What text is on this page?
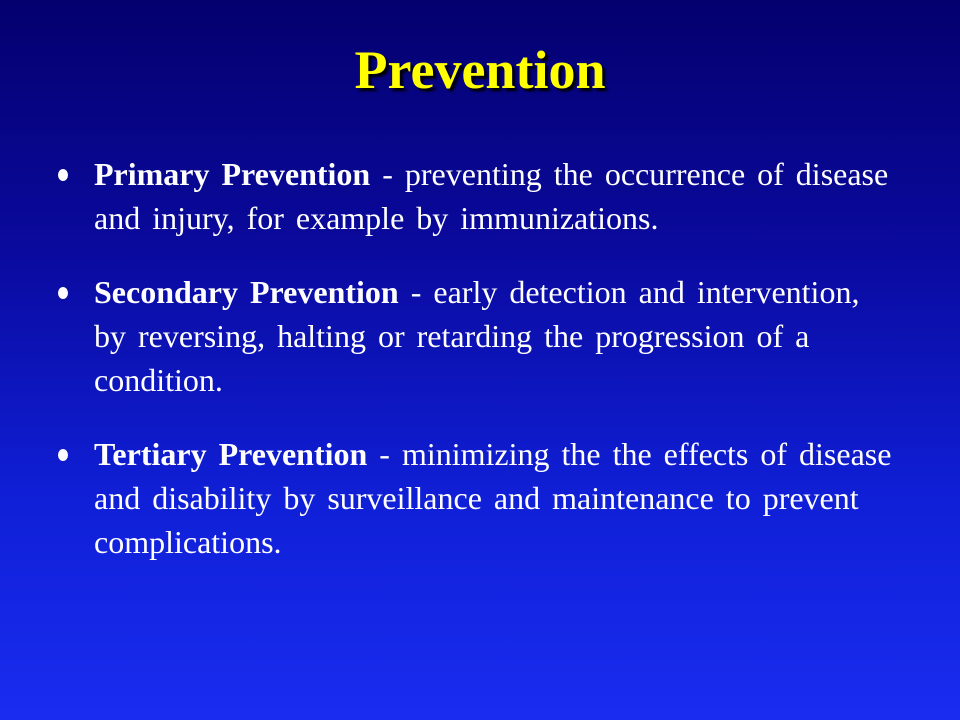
Prevention
Primary Prevention - preventing the occurrence of disease and injury, for example by immunizations.
Secondary Prevention - early detection and intervention, by reversing, halting or retarding the progression of a condition.
Tertiary Prevention - minimizing the the effects of disease and disability by surveillance and maintenance to prevent complications.
